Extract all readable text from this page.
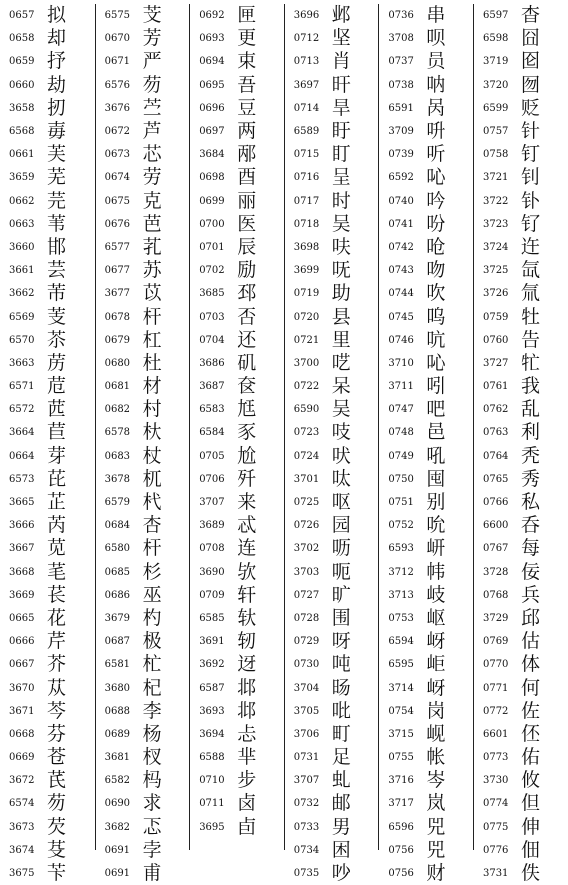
0657 拟
0658 却
0659 抒
0660 劫
3658 扨
6568 毐
0661 芙
3659 芜
0662 芫
0663 苇
3660 邯
3661 芸
3662 芾
6569 芰
6570 苶
3663 苈
6571 苊
6572 苉
3664 苣
0664 芽
6573 芘
3665 芷
3666 芮
3667 苋
3668 芼
3669 苌
0665 花
0666 芹
0667 芥
3670 苁
3671 芩
0668 芬
0669 苍
3672 芪
6574 芴
3673 芡
3674 芟
3675 苄
6575 芠
0670 芳
0671 严
6576 芴
3676 苎
0672 芦
0673 芯
0674 劳
0675 克
0676 芭
6577 芤
0677 苏
3677 苡
0678 杆
0679 杠
0680 杜
0681 材
0682 村
6578 杕
0683 杖
3678 杌
6579 杙
0684 杏
6580 杆
0685 杉
0686 巫
3679 杓
0687 极
6581 杧
3680 杞
0688 李
0689 杨
3681 杈
6582 杩
0690 求
3682 忑
0691 孛
0691 甫
0692 匣
0693 更
0694 束
0695 吾
0696 豆
0697 两
3684 邴
0698 酉
0699 丽
0700 医
0701 辰
0702 励
3685 邳
0703 否
0704 还
3686 矶
3687 奁
6583 尪
6584 豕
0705 尬
0706 歼
3707 来
3689 忒
0708 连
3690 欤
0709 轩
6585 轪
3691 轫
3692 迓
6587 邶
3693 邶
3694 忐
6588 芈
0710 步
0711 卤
3695 卣
3696 邺
0712 坚
0713 肖
3697 旰
0714 旱
6589 盱
0715 盯
0716 呈
0717 时
0718 吴
3698 呋
3699 呒
0719 助
0720 县
0721 里
3700 呓
0722 呆
6590 吴
0723 吱
0724 吠
3701 呔
0725 呕
0726 园
3702 呖
3703 呃
0727 旷
0728 围
0729 呀
0730 吨
3704 旸
3705 吡
3706 町
0731 足
3707 虬
0732 邮
0733 男
0734 困
0735 吵
0736 串
3708 呗
0737 员
0738 呐
6591 呙
3709 呏
0739 听
6592 吣
0740 吟
0741 吩
0742 呛
0743 吻
0744 吹
0745 呜
0746 吭
3710 吣
3711 吲
0747 吧
0748 邑
0749 吼
0750 囤
0751 别
0752 吮
6593 岍
3712 帏
3713 岐
0753 岖
6594 岈
6595 岠
3714 岈
0754 岗
3715 岘
0755 帐
3716 岑
3717 岚
6596 兕
0756 兕
0756 财
6597 杳
6598 囧
3719 囵
3720 囫
6599 贬
0757 针
0758 钉
3721 钊
3722 钋
3723 钌
3724 迕
3725 氙
3726 氚
0759 牡
0760 告
3727 牤
0761 我
0762 乱
0763 利
0764 秃
0765 秀
0766 私
6600 呑
0767 每
3728 佞
0768 兵
3729 邱
0769 估
0770 体
0771 何
0772 佐
6601 伾
0773 佑
3730 攸
0774 但
0775 伸
0776 佃
3731 佚
